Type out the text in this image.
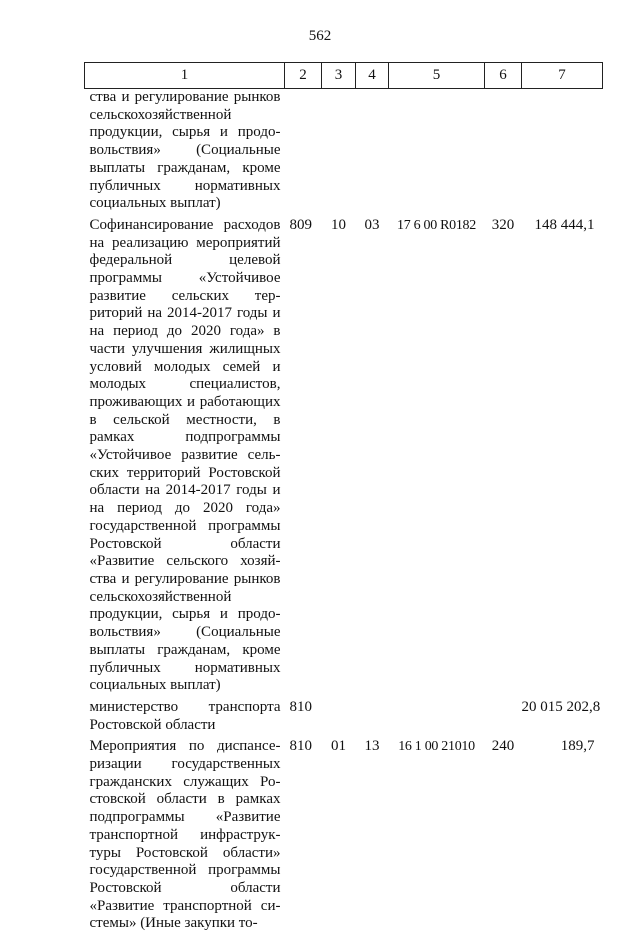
562
1	2	3	4	5	6	7
ства и регулирование рынков сельскохозяйственной продукции, сырья и продовольствия» (Социальные выплаты гражданам, кроме публичных нормативных социальных выплат)						

Софинансирование расходов на реализацию мероприятий федеральной целевой программы «Устойчивое развитие сельских территорий на 2014-2017 годы и на период до 2020 года» в части улучшения жилищных условий молодых семей и молодых специалистов, проживающих и работающих в сельской местности, в рамках подпрограммы «Устойчивое развитие сельских территорий Ростовской области на 2014-2017 годы и на период до 2020 года» государственной программы Ростовской области «Развитие сельского хозяйства и регулирование рынков сельскохозяйственной продукции, сырья и продовольствия» (Социальные выплаты гражданам, кроме публичных нормативных социальных выплат)	809	10	03	17 6 00 R0182	320	148 444,1

министерство транспорта Ростовской области	810					20 015 202,8

Мероприятия по диспансеризации государственных гражданских служащих Ростовской области в рамках подпрограммы «Развитие транспортной инфраструктуры Ростовской области» государственной программы Ростовской области «Развитие транспортной системы» (Иные закупки то-	810	01	13	16 1 00 21010	240	189,7
